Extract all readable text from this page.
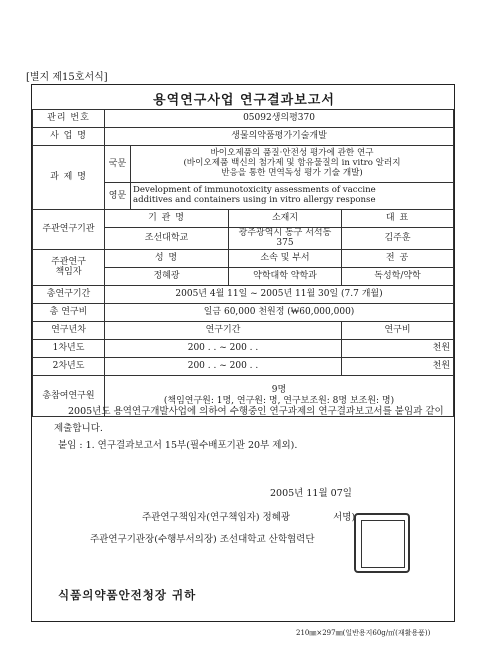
[별지 제15호서식]
용역연구사업 연구결과보고서
관리 번호	05092생의평370			
사 업 명	생물의약품평가기술개발			
과 제 명	국문	바이오제품의 품질·안전성 평가에 관한 연구
(바이오제품 백신의 첨가제 및 함유물질의 in vitro 알러지
반응을 통한 면역독성 평가 기술 개발)		

	영문	Development of immunotoxicity assessments of vaccine
additives and containers using in vitro allergy response		

주관연구기관	기 관 명		소재지	대 표
	조선대학교		광주광역시 동구 서석동 375	김주훈

주관연구
책임자	성 명		소속 및 부서	전 공
	정혜광		약학대학 약학과	독성학/약학
총연구기간	2005년 4월 11일 ~ 2005년 11월 30일 (7.7 개월)			
총 연구비	일금 60,000 천원정 (₩60,000,000)			
연구년차	연구기간			연구비
1차년도	200 . . ~ 200 . .			천원
2차년도	200 . . ~ 200 . .			천원
총참여연구원	9명
(책임연구원: 1명, 연구원: 명, 연구보조원: 8명 보조원: 명)			
2005년도 용역연구개발사업에 의하여 수행중인 연구과제의 연구결과보고서를 붙임과 같이 제출합니다.
붙임 : 1. 연구결과보고서 15부(필수배포기관 20부 제외).
2005년 11월 07일
주관연구책임자(연구책임자) 정혜광	서명)
주관연구기관장(수행부서의장) 조선대학교 산학협력단
식품의약품안전청장 귀하
210㎜×297㎜(일반용지60g/㎡(재활용품))
